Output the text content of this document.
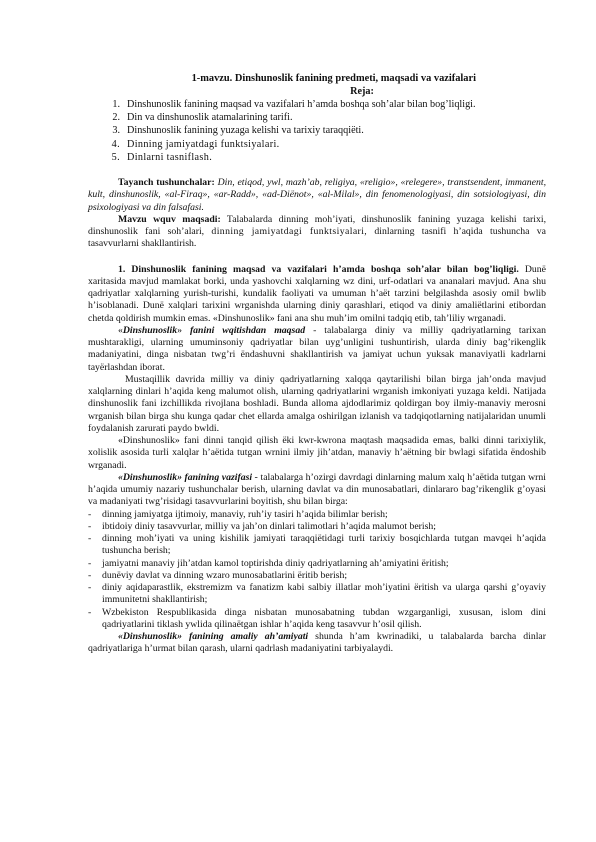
1-mavzu. Dinshunoslik fanining predmeti, maqsadi va vazifalari

Reja:

1. Dinshunoslik fanining maqsad va vazifalari h’amda boshqa soh’alar bilan bog’liqligi.
2. Din va dinshunoslik atamalarining tarifi.
3. Dinshunoslik fanining yuzaga kelishi va tarixiy taraqqiёti.
4. Dinning jamiyatdagi funktsiyalari.
5. Dinlarni tasniflash.

Tayanch tushunchalar: Din, etiqod, ywl, mazh’ab, religiya, «religio», «relegere», transtsendent, immanent, kult, dinshunoslik, «al-Firaq», «ar-Radd», «ad-Diёnot», «al-Milal», din fenomenologiyasi, din sotsiologiyasi, din psixologiyasi va din falsafasi.

Mavzu wquv maqsadi: Talabalarda dinning moh’iyati, dinshunoslik fanining yuzaga kelishi tarixi, dinshunoslik fani soh’alari, dinning jamiyatdagi funktsiyalari, dinlarning tasnifi h’aqida tushuncha va tasavvurlarni shakllantirish.

1. Dinshunoslik fanining maqsad va vazifalari h’amda boshqa soh’alar bilan bog’liqligi. Dunё xaritasida mavjud mamlakat borki, unda yashovchi xalqlarning wz dini, urf-odatlari va ananalari mavjud. Ana shu qadriyatlar xalqlarning yurish-turishi, kundalik faoliyati va umuman h’aёt tarzini belgilashda asosiy omil bwlib h’isoblanadi. Dunё xalqlari tarixini wrganishda ularning diniy qarashlari, etiqod va diniy amaliёtlarini etibordan chetda qoldirish mumkin emas. «Dinshunoslik» fani ana shu muh’im omilni tadqiq etib, tah’liliy wrganadi.

«Dinshunoslik» fanini wqitishdan maqsad - talabalarga diniy va milliy qadriyatlarning tarixan mushtarakligi, ularning umuminsoniy qadriyatlar bilan uyg’unligini tushuntirish, ularda diniy bag’rikenglik madaniyatini, dinga nisbatan twg’ri ёndashuvni shakllantirish va jamiyat uchun yuksak manaviyatli kadrlarni tayёrlashdan iborat.

Mustaqillik davrida milliy va diniy qadriyatlarning xalqqa qaytarilishi bilan birga jah’onda mavjud xalqlarning dinlari h’aqida keng malumot olish, ularning qadriyatlarini wrganish imkoniyati yuzaga keldi. Natijada dinshunoslik fani izchillikda rivojlana boshladi. Bunda alloma ajdodlarimiz qoldirgan boy ilmiy-manaviy merosni wrganish bilan birga shu kunga qadar chet ellarda amalga oshirilgan izlanish va tadqiqotlarning natijalaridan unumli foydalanish zarurati paydo bwldi.

«Dinshunoslik» fani dinni tanqid qilish ёki kwr-kwrona maqtash maqsadida emas, balki dinni tarixiylik, xolislik asosida turli xalqlar h’aёtida tutgan wrnini ilmiy jih’atdan, manaviy h’aёtning bir bwlagi sifatida ёndoshib wrganadi.

«Dinshunoslik» fanining vazifasi - talabalarga h’ozirgi davrdagi dinlarning malum xalq h’aёtida tutgan wrni h’aqida umumiy nazariy tushunchalar berish, ularning davlat va din munosabatlari, dinlararo bag’rikenglik g’oyasi va madaniyati twg’risidagi tasavvurlarini boyitish, shu bilan birga:

-	dinning jamiyatga ijtimoiy, manaviy, ruh’iy tasiri h’aqida bilimlar berish;
-	ibtidoiy diniy tasavvurlar, milliy va jah’on dinlari talimotlari h’aqida malumot berish;
-	dinning moh’iyati va uning kishilik jamiyati taraqqiёtidagi turli tarixiy bosqichlarda tutgan mavqei h’aqida tushuncha berish;
-	jamiyatni manaviy jih’atdan kamol toptirishda diniy qadriyatlarning ah’amiyatini ёritish;
-	dunёviy davlat va dinning wzaro munosabatlarini ёritib berish;
-	diniy aqidaparastlik, ekstremizm va fanatizm kabi salbiy illatlar moh’iyatini ёritish va ularga qarshi g’oyaviy immunitetni shakllantirish;
-	Wzbekiston Respublikasida dinga nisbatan munosabatning tubdan wzgarganligi, xususan, islom dini qadriyatlarini tiklash ywlida qilinaёtgan ishlar h’aqida keng tasavvur h’osil qilish.

«Dinshunoslik» fanining amaliy ah’amiyati shunda h’am kwrinadiki, u talabalarda barcha dinlar qadriyatlariga h’urmat bilan qarash, ularni qadrlash madaniyatini tarbiyalaydi.
